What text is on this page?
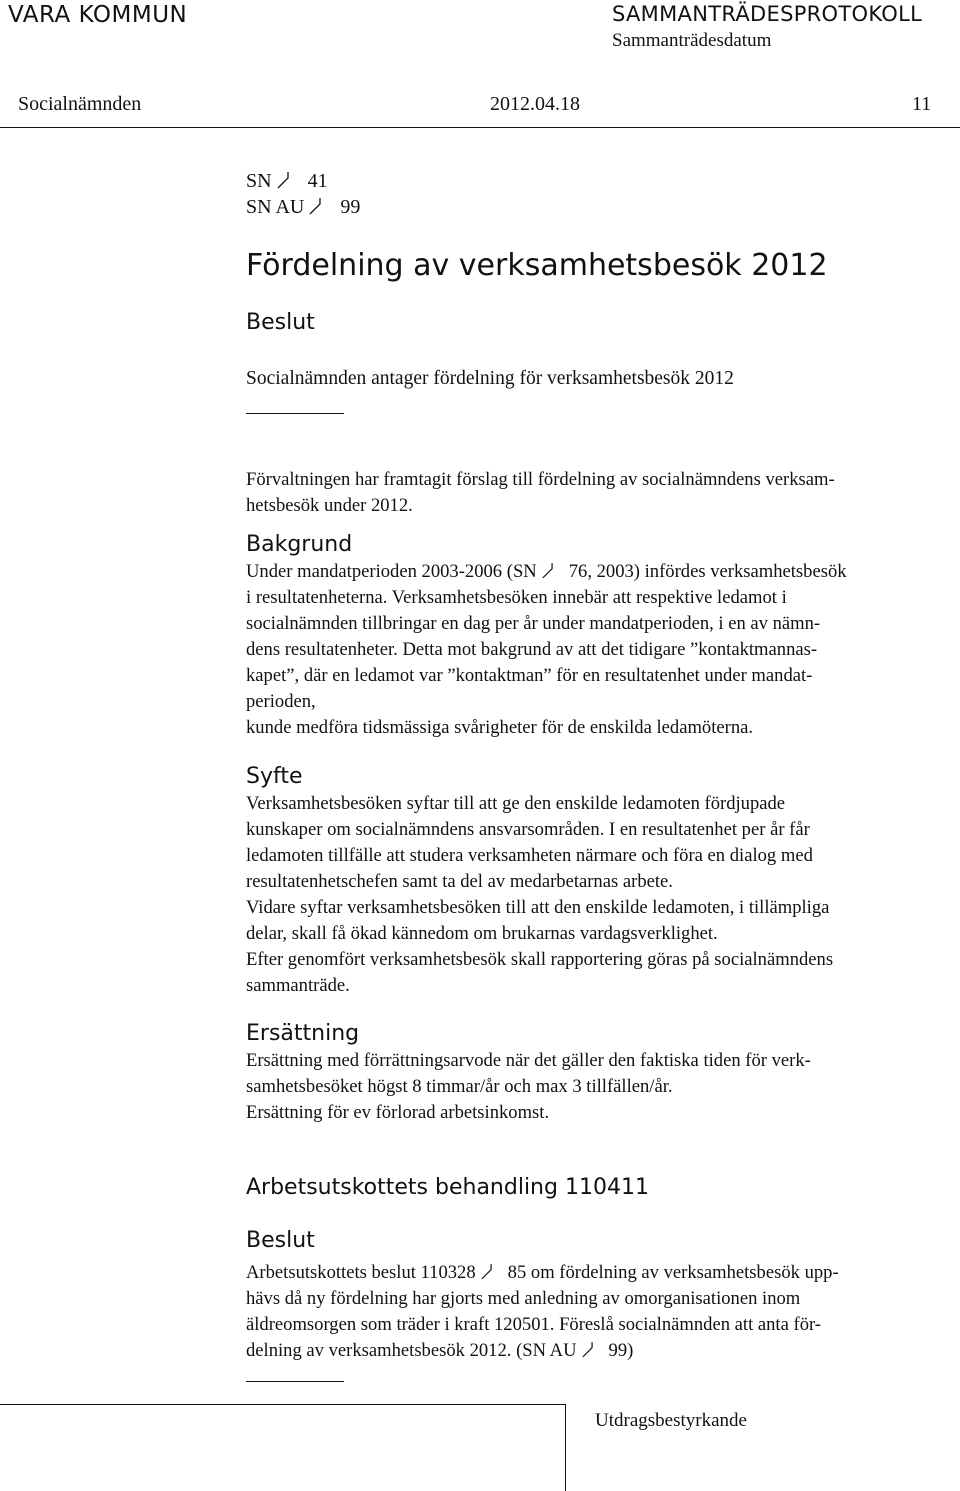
VARA KOMMUN	SAMMANTRÄDESPROTOKOLL
Sammanträdesdatum
Socialnämnden	2012.04.18	11
SN 41
SN AU 99
Fördelning av verksamhetsbesök 2012
Beslut
Socialnämnden antager fördelning för verksamhetsbesök 2012
Förvaltningen har framtagit förslag till fördelning av socialnämndens verksam-
hetsbesök under 2012.
Bakgrund
Under mandatperioden 2003-2006 (SN 76, 2003) infördes verksamhetsbesök
i resultatenheterna. Verksamhetsbesöken innebär att respektive ledamot i
socialnämnden tillbringar en dag per år under mandatperioden, i en av nämn-
dens resultatenheter. Detta mot bakgrund av att det tidigare ”kontaktmannas-
kapet”, där en ledamot var ”kontaktman” för en resultatenhet under mandat-
perioden,
kunde medföra tidsmässiga svårigheter för de enskilda ledamöterna.
Syfte
Verksamhetsbesöken syftar till att ge den enskilde ledamoten fördjupade
kunskaper om socialnämndens ansvarsområden. I en resultatenhet per år får
ledamoten tillfälle att studera verksamheten närmare och föra en dialog med
resultatenhetschefen samt ta del av medarbetarnas arbete.
Vidare syftar verksamhetsbesöken till att den enskilde ledamoten, i tillämpliga
delar, skall få ökad kännedom om brukarnas vardagsverklighet.
Efter genomfört verksamhetsbesök skall rapportering göras på socialnämndens
sammanträde.
Ersättning
Ersättning med förrättningsarvode när det gäller den faktiska tiden för verk-
samhetsbesöket högst 8 timmar/år och max 3 tillfällen/år.
Ersättning för ev förlorad arbetsinkomst.
Arbetsutskottets behandling 110411
Beslut
Arbetsutskottets beslut 110328 85 om fördelning av verksamhetsbesök upp-
hävs då ny fördelning har gjorts med anledning av omorganisationen inom
äldreomsorgen som träder i kraft 120501. Föreslå socialnämnden att anta för-
delning av verksamhetsbesök 2012. (SN AU 99)
Utdragsbestyrkande
